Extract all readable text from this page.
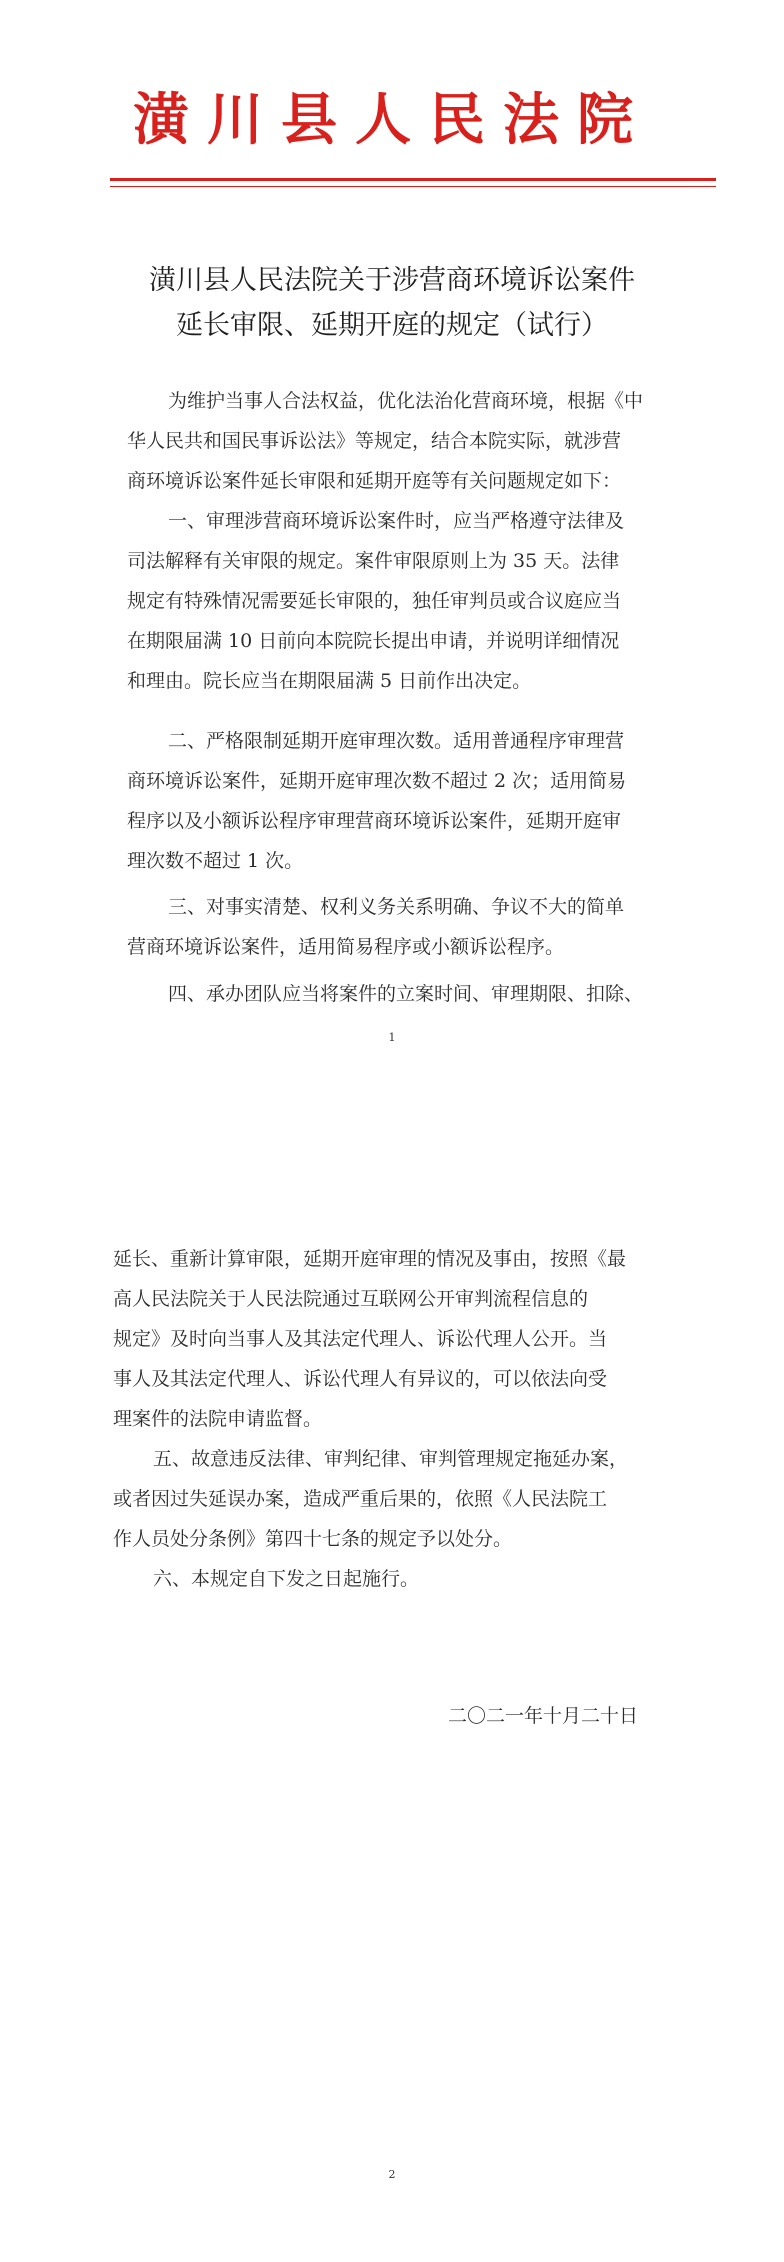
潢川县人民法院
潢川县人民法院关于涉营商环境诉讼案件
延长审限、延期开庭的规定（试行）
为维护当事人合法权益，优化法治化营商环境，根据《中
华人民共和国民事诉讼法》等规定，结合本院实际，就涉营
商环境诉讼案件延长审限和延期开庭等有关问题规定如下：
一、审理涉营商环境诉讼案件时，应当严格遵守法律及
司法解释有关审限的规定。案件审限原则上为 35 天。法律
规定有特殊情况需要延长审限的，独任审判员或合议庭应当
在期限届满 10 日前向本院院长提出申请，并说明详细情况
和理由。院长应当在期限届满 5 日前作出决定。
二、严格限制延期开庭审理次数。适用普通程序审理营
商环境诉讼案件，延期开庭审理次数不超过 2 次；适用简易
程序以及小额诉讼程序审理营商环境诉讼案件，延期开庭审
理次数不超过 1 次。
三、对事实清楚、权利义务关系明确、争议不大的简单
营商环境诉讼案件，适用简易程序或小额诉讼程序。
四、承办团队应当将案件的立案时间、审理期限、扣除、
1
延长、重新计算审限，延期开庭审理的情况及事由，按照《最
高人民法院关于人民法院通过互联网公开审判流程信息的
规定》及时向当事人及其法定代理人、诉讼代理人公开。当
事人及其法定代理人、诉讼代理人有异议的，可以依法向受
理案件的法院申请监督。
五、故意违反法律、审判纪律、审判管理规定拖延办案，
或者因过失延误办案，造成严重后果的，依照《人民法院工
作人员处分条例》第四十七条的规定予以处分。
六、本规定自下发之日起施行。
二〇二一年十月二十日
2
